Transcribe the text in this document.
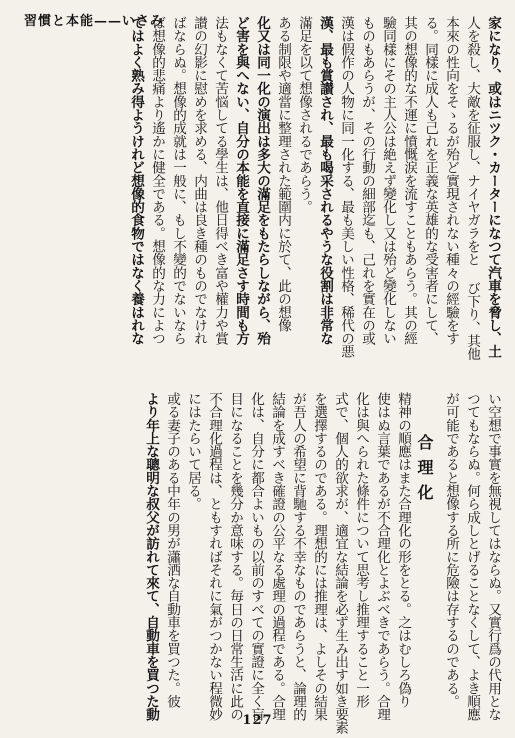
習慣と本能——いさみ	家になり、或はニツク・カーターになつて汽車を脅し、土
人を殺し、大敵を征服し、ナイヤガラをと び下り、其他
本來の性向をそゝるが殆ど實現されない種々の經驗をす
る。同樣に成人も己れを正義な英雄的な受害者にして、
其の想像的な不運に憤慨涙を流すこともあらう。其の經
驗同樣にその主人公は絶えず變化し又は殆ど變化しない
ものもあらうが、その行動の細部迄も、己れを實在の或
漢は假作の人物に同一化する、最も美しい性格、稀代の悪
漢、最も賞讃され、最も喝采されるやうな役割は非常な
滿足を以て想像されるであらう。
ある制限や適當に整理された範圍内に於て、此の想像
化又は同一化の演出は多大の滿足をもたらしながら、殆
ど害を與へない、自分の本能を直接に滿足さす時間も方
法もなくて苦悩してる學生は、他日得べき富や權力や賞
讃の幻影に慰めを求める、内曲は良き種のものでなけれ
ばならぬ。想像的成就は一般に、もし不變的でないなら
ば想像的悲痛より遙かに健全である。想像的な力によつ
てはよく熟み得ようけれど想像的食物ではなく養はれな
い空想で事實を無視してはならぬ。又實行爲の代用とな
つてもならぬ。何ら成しとげることなくして、よき順應
が可能であると想像する所に危險は存するのである。
合理化
精神の順應はまた合理化の形をとる。之はむしろ偽り
使はぬ言葉であるが不合理化とよぶべきであらう。合理
化は與へられた條件について思考し推理すること一形
式で、個人的欲求が、適宜な結論を必ず生み出す如き要素
を選擇するのである。理想的には推理は、よしその結果
が吾人の希望に背馳する不幸なものであらうと、論理的
結論を成すべき確證の公平なる處理の過程である。合理
化は、自分に都合よいもの以前のすべての實證に全く盲
目になることを幾分か意味する。毎日の日常生活に此の
不合理化過程は、ともすればそれに氣がつかない程微妙
にはたらいて居る。
或る妻子のある中年の男が瀟洒な自動車を買つた。彼
より年上な聰明な叔父が訪れて來て、自動車を買つた動	127
